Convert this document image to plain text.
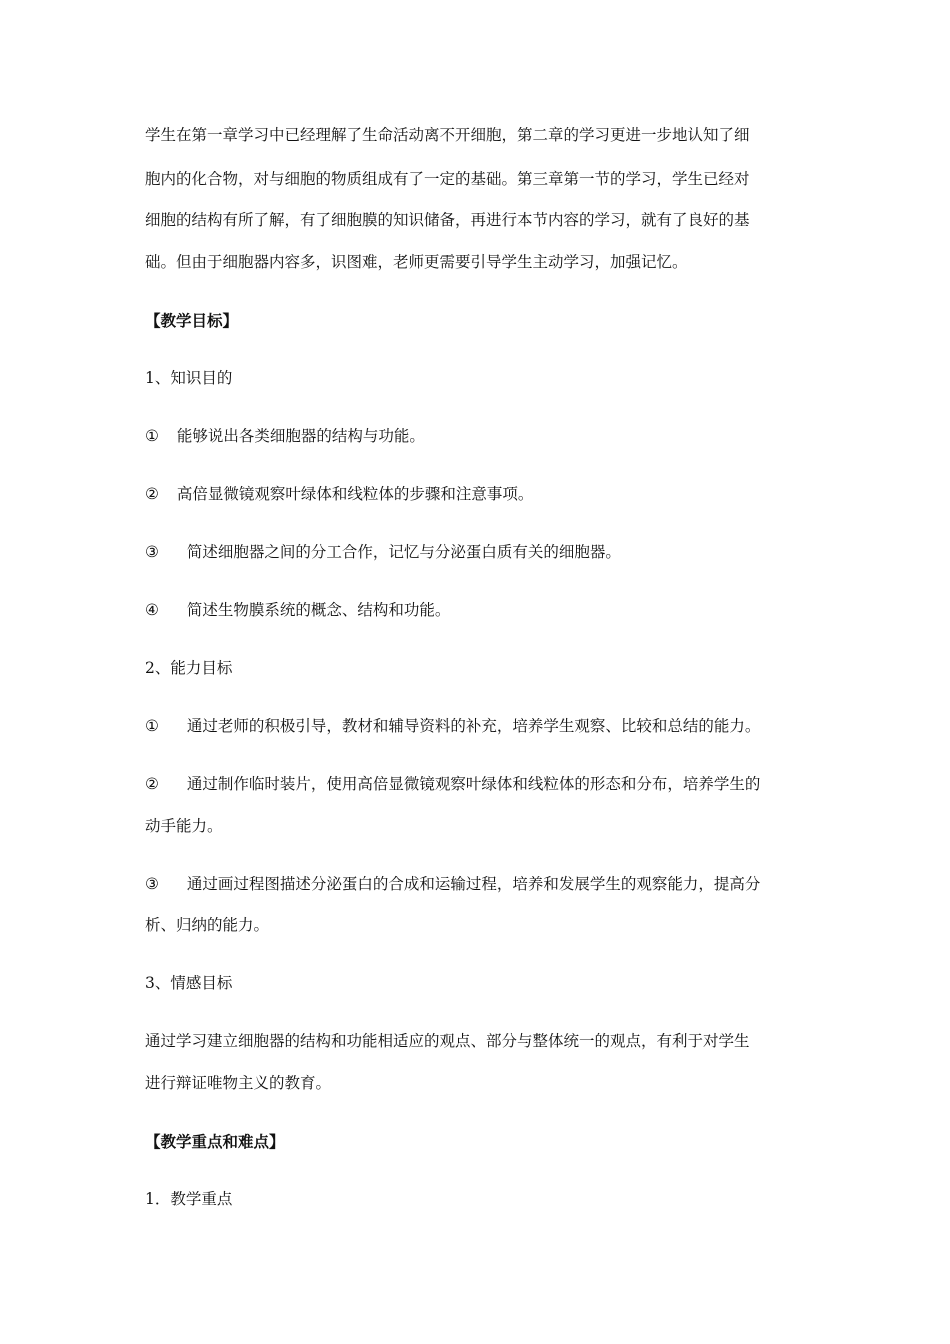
学生在第一章学习中已经理解了生命活动离不开细胞，第二章的学习更进一步地认知了细
胞内的化合物，对与细胞的物质组成有了一定的基础。第三章第一节的学习，学生已经对
细胞的结构有所了解，有了细胞膜的知识储备，再进行本节内容的学习，就有了良好的基
础。但由于细胞器内容多，识图难，老师更需要引导学生主动学习，加强记忆。
【教学目标】
1、知识目的
① 能够说出各类细胞器的结构与功能。
② 高倍显微镜观察叶绿体和线粒体的步骤和注意事项。
③ 简述细胞器之间的分工合作，记忆与分泌蛋白质有关的细胞器。
④ 简述生物膜系统的概念、结构和功能。
2、能力目标
① 通过老师的积极引导，教材和辅导资料的补充，培养学生观察、比较和总结的能力。
② 通过制作临时装片，使用高倍显微镜观察叶绿体和线粒体的形态和分布，培养学生的
动手能力。
③ 通过画过程图描述分泌蛋白的合成和运输过程，培养和发展学生的观察能力，提高分
析、归纳的能力。
3、情感目标
通过学习建立细胞器的结构和功能相适应的观点、部分与整体统一的观点，有利于对学生
进行辩证唯物主义的教育。
【教学重点和难点】
1．教学重点
